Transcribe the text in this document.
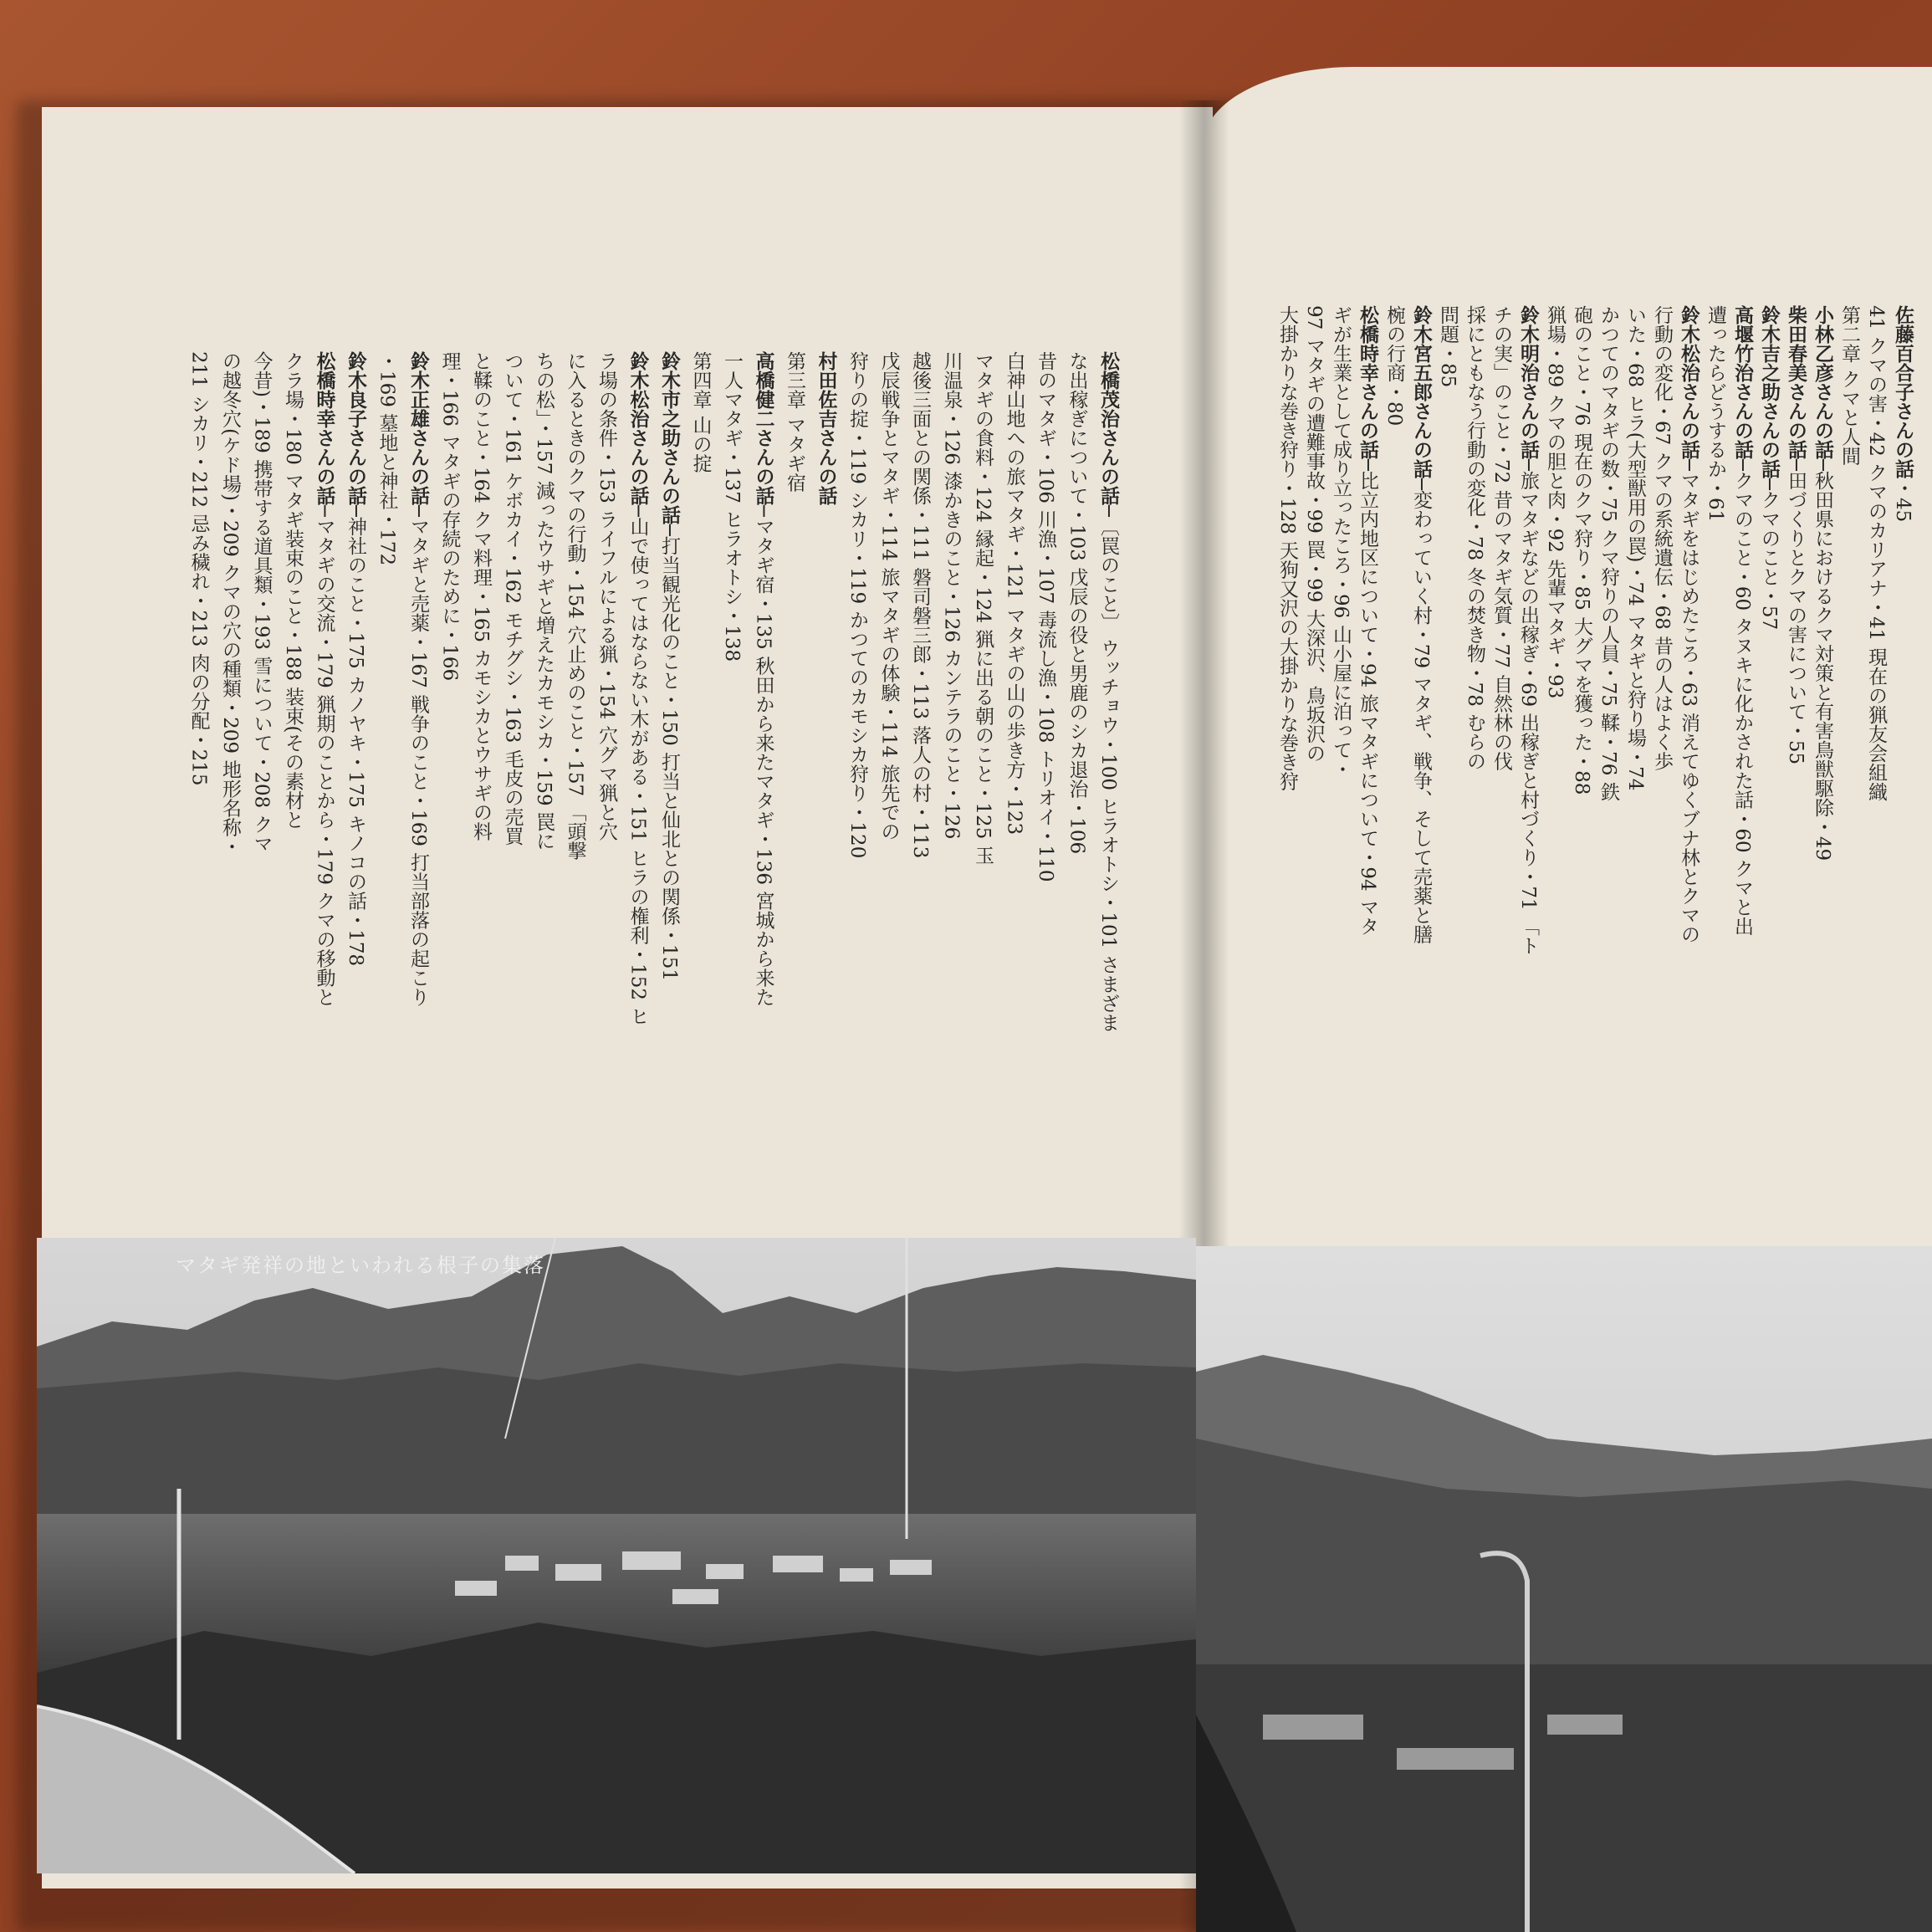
松橋茂治さんの話─〔罠のこと〕 ウッチョウ・100 ヒラオトシ・101 さまざま
な出稼ぎについて・103 戊辰の役と男鹿のシカ退治・106
昔のマタギ・106 川漁・107 毒流し漁・108 トリオイ・110
白神山地への旅マタギ・121 マタギの山の歩き方・123
マタギの食料・124 縁起・124 猟に出る朝のこと・125 玉
川温泉・126 漆かきのこと・126 カンテラのこと・126
越後三面との関係・111 磐司磐三郎・113 落人の村・113
戊辰戦争とマタギ・114 旅マタギの体験・114 旅先での
狩りの掟・119 シカリ・119 かつてのカモシカ狩り・120
村田佐吉さんの話
第三章 マタギ宿
高橋健二さんの話─マタギ宿・135 秋田から来たマタギ・136 宮城から来た
一人マタギ・137 ヒラオトシ・138
第四章 山の掟
鈴木市之助さんの話─打当観光化のこと・150 打当と仙北との関係・151
鈴木松治さんの話─山で使ってはならない木がある・151 ヒラの権利・152 ヒ
ラ場の条件・153 ライフルによる猟・154 穴グマ猟と穴
に入るときのクマの行動・154 穴止めのこと・157 「頭撃
ちの松」・157 減ったウサギと増えたカモシカ・159 罠に
ついて・161 ケボカイ・162 モチグシ・163 毛皮の売買
と鞣のこと・164 クマ料理・165 カモシカとウサギの料
理・166 マタギの存続のために・166
鈴木正雄さんの話─マタギと売薬・167 戦争のこと・169 打当部落の起こり
・169 墓地と神社・172
鈴木良子さんの話─神社のこと・175 カノヤキ・175 キノコの話・178
松橋時幸さんの話─マタギの交流・179 猟期のことから・179 クマの移動と
クラ場・180 マタギ装束のこと・188 装束(その素材と
今昔)・189 携帯する道具類・193 雪について・208 クマ
の越冬穴(ケド場)・209 クマの穴の種類・209 地形名称・
211 シカリ・212 忌み穢れ・213 肉の分配・215	佐藤百合子さんの話・45
41 クマの害・42 クマのカリアナ・41 現在の猟友会組織
第二章 クマと人間
小林乙彦さんの話─秋田県におけるクマ対策と有害鳥獣駆除・49
柴田春美さんの話─田づくりとクマの害について・55
鈴木吉之助さんの話─クマのこと・57
高堰竹治さんの話─クマのこと・60 タヌキに化かされた話・60 クマと出
遭ったらどうするか・61
鈴木松治さんの話─マタギをはじめたころ・63 消えてゆくブナ林とクマの
行動の変化・67 クマの系統遺伝・68 昔の人はよく歩
いた・68 ヒラ(大型獣用の罠)・74 マタギと狩り場・74
かつてのマタギの数・75 クマ狩りの人員・75 鞣・76 鉄
砲のこと・76 現在のクマ狩り・85 大グマを獲った・88
猟場・89 クマの胆と肉・92 先輩マタギ・93
鈴木明治さんの話─旅マタギなどの出稼ぎ・69 出稼ぎと村づくり・71 「ト
チの実」のこと・72 昔のマタギ気質・77 自然林の伐
採にともなう行動の変化・78 冬の焚き物・78 むらの
問題・85
鈴木宮五郎さんの話─変わっていく村・79 マタギ、戦争、そして売薬と膳
椀の行商・80
松橋時幸さんの話─比立内地区について・94 旅マタギについて・94 マタ
ギが生業として成り立ったころ・96 山小屋に泊って・
97 マタギの遭難事故・99 罠・99 大深沢、鳥坂沢の
大掛かりな巻き狩り・128 天狗又沢の大掛かりな巻き狩
マタギ発祥の地といわれる根子の集落
